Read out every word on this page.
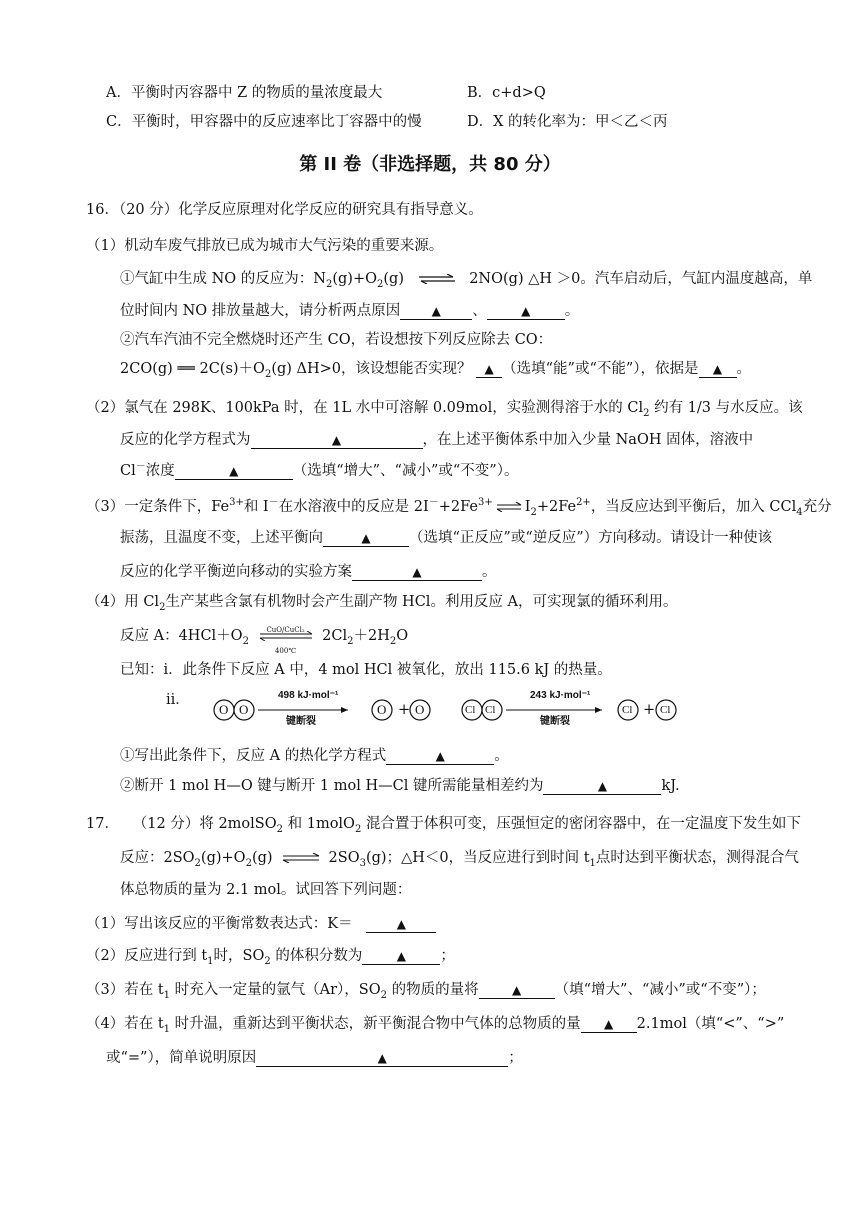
A．平衡时丙容器中 Z 的物质的量浓度最大	B．c+d>Q
C．平衡时，甲容器中的反应速率比丁容器中的慢	D．X 的转化率为：甲＜乙＜丙
第 II 卷（非选择题，共 80 分）
16．（20 分）化学反应原理对化学反应的研究具有指导意义。
（1）机动车废气排放已成为城市大气污染的重要来源。
①气缸中生成 NO 的反应为：$N_2(g)+O_2(g)$ ⇌ 2NO(g) △H ＞0。汽车启动后，气缸内温度越高，单
位时间内 NO 排放量越大，请分析两点原因	▲ 、	▲ 。
②汽车汽油不完全燃烧时还产生 CO，若设想按下列反应除去 CO：
2CO(g) ══ $2C(s)+O_2(g)$ ΔH>0，该设想能否实现？ ▲ （选填“能”或“不能”），依据是 ▲ 。
（2）氯气在 298K、100kPa 时，在 1L 水中可溶解 0.09mol，实验测得溶于水的 $Cl_2$ 约有 1/3 与水反应。该
反应的化学方程式为	▲	，在上述平衡体系中加入少量 NaOH 固体，溶液中
Cl－浓度	▲	（选填“增大”、“减小”或“不变”）。
（3）一定条件下，$Fe^{3+}$和 I－在水溶液中的反应是 $2I^-+2Fe^{3+}$ ⇌ $I_2+2Fe^{2+}$，当反应达到平衡后，加入 CCl$_4$充分
振荡，且温度不变，上述平衡向	▲	（选填“正反应”或“逆反应”）方向移动。请设计一种使该
反应的化学平衡逆向移动的实验方案	▲	。
（4）用 $Cl_2$生产某些含氯有机物时会产生副产物 HCl。利用反应 A，可实现氯的循环利用。
反应 A：$4HCl+O_2$
CuO/CuCl₂
400℃
$2Cl_2+2H_2O$
已知：ⅰ．此条件下反应 A 中，4 mol HCl 被氧化，放出 115.6 kJ 的热量。
ⅱ．
O O
498 kJ·mol⁻¹
键断裂
O + O	Cl Cl
243 kJ·mol⁻¹
键断裂
Cl + Cl
①写出此条件下，反应 A 的热化学方程式	▲	。
②断开 1 mol H—O 键与断开 1 mol H—Cl 键所需能量相差约为	▲	kJ.
17． （12 分）将 2molSO$_2$ 和 1molO$_2$ 混合置于体积可变，压强恒定的密闭容器中，在一定温度下发生如下
反应：$2SO_2(g)+O_2(g)$ ⇌ $2SO_3(g)$；△H＜0，当反应进行到时间 $t_1$点时达到平衡状态，测得混合气
体总物质的量为 2.1 mol。试回答下列问题：
（1）写出该反应的平衡常数表达式：K＝	▲
（2）反应进行到 $t_1$时，$SO_2$ 的体积分数为	▲ ；
（3）若在 $t_1$ 时充入一定量的氩气（Ar），$SO_2$ 的物质的量将	▲ （填“增大”、“减小”或“不变”）；
（4）若在 $t_1$ 时升温，重新达到平衡状态，新平衡混合物中气体的总物质的量 ▲ 2.1mol（填“<”、“>”
或“=”），简单说明原因	▲	；
